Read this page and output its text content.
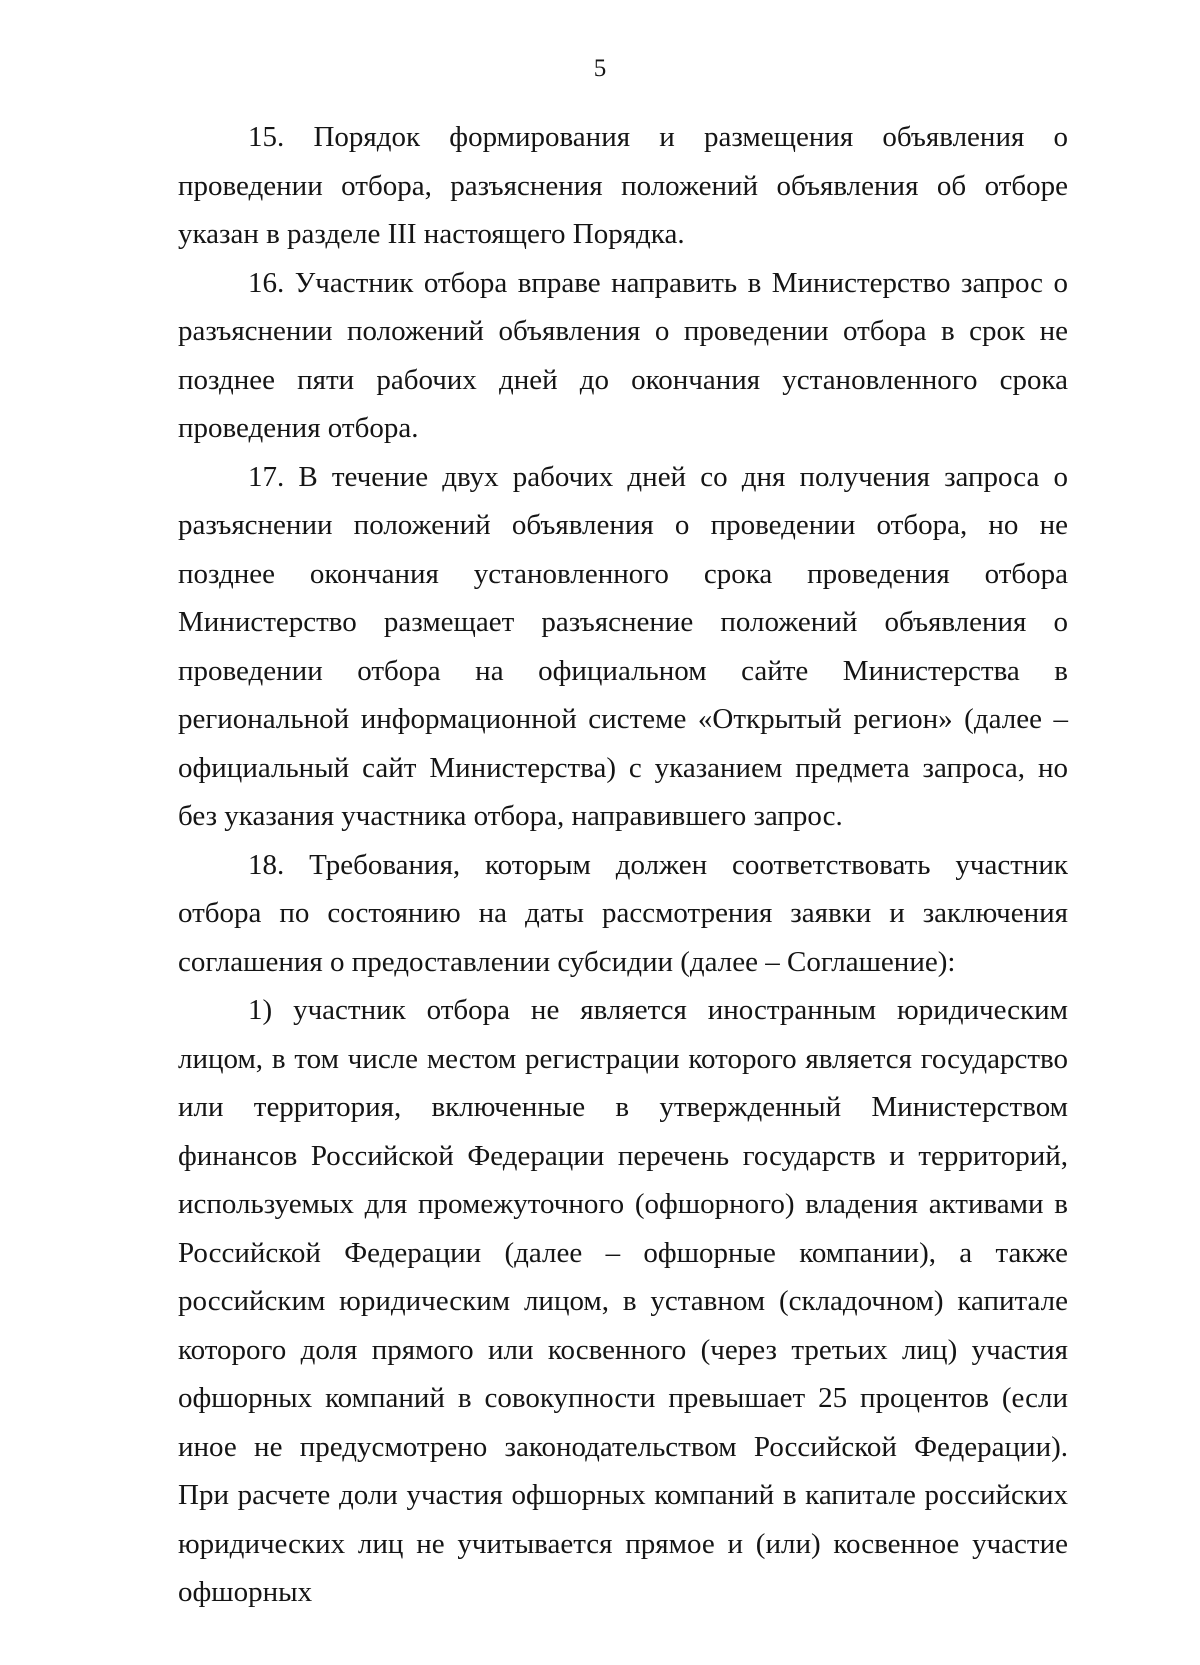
5

15. Порядок формирования и размещения объявления о проведении отбора, разъяснения положений объявления об отборе указан в разделе III настоящего Порядка.

16. Участник отбора вправе направить в Министерство запрос о разъяснении положений объявления о проведении отбора в срок не позднее пяти рабочих дней до окончания установленного срока проведения отбора.

17. В течение двух рабочих дней со дня получения запроса о разъяснении положений объявления о проведении отбора, но не позднее окончания установленного срока проведения отбора Министерство размещает разъяснение положений объявления о проведении отбора на официальном сайте Министерства в региональной информационной системе «Открытый регион» (далее – официальный сайт Министерства) с указанием предмета запроса, но без указания участника отбора, направившего запрос.

18. Требования, которым должен соответствовать участник отбора по состоянию на даты рассмотрения заявки и заключения соглашения о предоставлении субсидии (далее – Соглашение):

1) участник отбора не является иностранным юридическим лицом, в том числе местом регистрации которого является государство или территория, включенные в утвержденный Министерством финансов Российской Федерации перечень государств и территорий, используемых для промежуточного (офшорного) владения активами в Российской Федерации (далее – офшорные компании), а также российским юридическим лицом, в уставном (складочном) капитале которого доля прямого или косвенного (через третьих лиц) участия офшорных компаний в совокупности превышает 25 процентов (если иное не предусмотрено законодательством Российской Федерации). При расчете доли участия офшорных компаний в капитале российских юридических лиц не учитывается прямое и (или) косвенное участие офшорных
